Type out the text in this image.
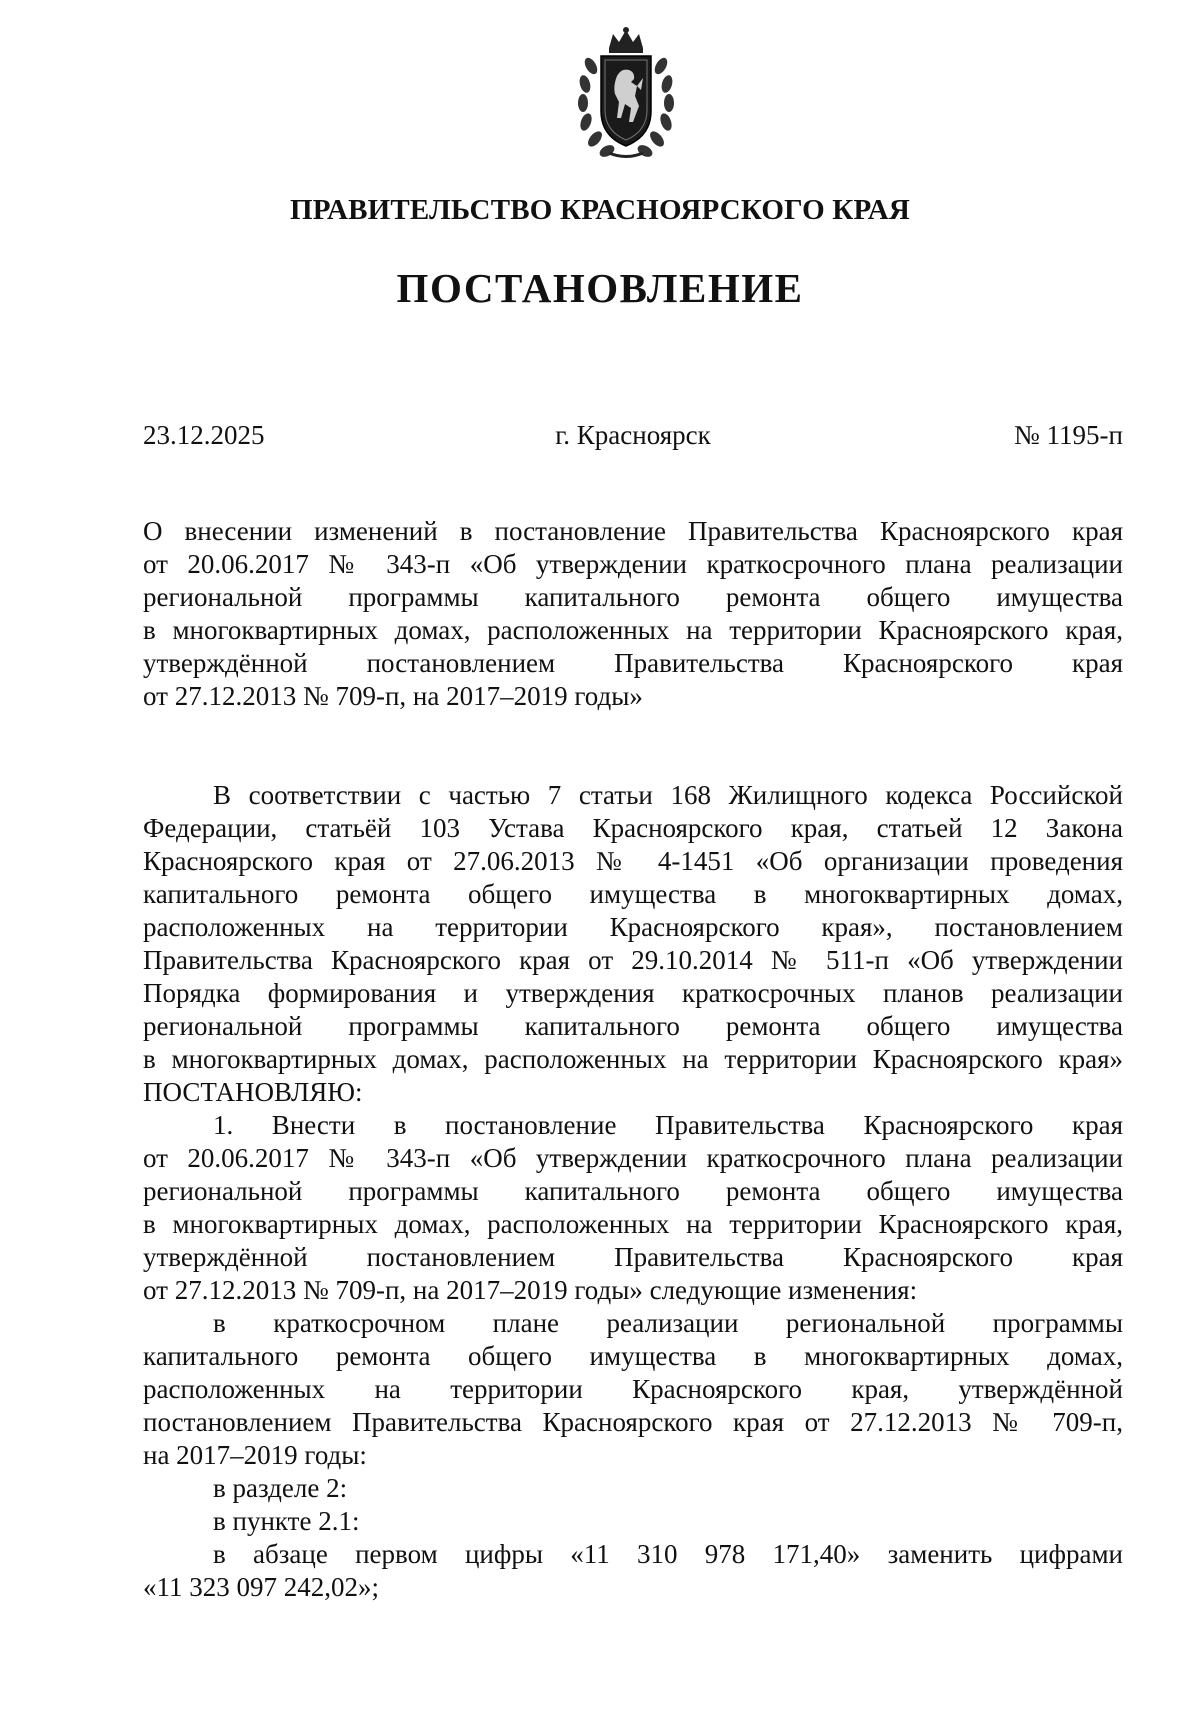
ПРАВИТЕЛЬСТВО КРАСНОЯРСКОГО КРАЯ
ПОСТАНОВЛЕНИЕ
23.12.2025	г. Красноярск	№ 1195-п
О внесении изменений в постановление Правительства Красноярского края
от 20.06.2017 № 343-п «Об утверждении краткосрочного плана реализации
региональной программы капитального ремонта общего имущества
в многоквартирных домах, расположенных на территории Красноярского края,
утверждённой постановлением Правительства Красноярского края
от 27.12.2013 № 709-п, на 2017–2019 годы»
В соответствии с частью 7 статьи 168 Жилищного кодекса Российской
Федерации, статьёй 103 Устава Красноярского края, статьей 12 Закона
Красноярского края от 27.06.2013 № 4-1451 «Об организации проведения
капитального ремонта общего имущества в многоквартирных домах,
расположенных на территории Красноярского края», постановлением
Правительства Красноярского края от 29.10.2014 № 511-п «Об утверждении
Порядка формирования и утверждения краткосрочных планов реализации
региональной программы капитального ремонта общего имущества
в многоквартирных домах, расположенных на территории Красноярского края»
ПОСТАНОВЛЯЮ:
1. Внести в постановление Правительства Красноярского края
от 20.06.2017 № 343-п «Об утверждении краткосрочного плана реализации
региональной программы капитального ремонта общего имущества
в многоквартирных домах, расположенных на территории Красноярского края,
утверждённой постановлением Правительства Красноярского края
от 27.12.2013 № 709-п, на 2017–2019 годы» следующие изменения:
в краткосрочном плане реализации региональной программы
капитального ремонта общего имущества в многоквартирных домах,
расположенных на территории Красноярского края, утверждённой
постановлением Правительства Красноярского края от 27.12.2013 № 709-п,
на 2017–2019 годы:
в разделе 2:
в пункте 2.1:
в абзаце первом цифры «11 310 978 171,40» заменить цифрами
«11 323 097 242,02»;
